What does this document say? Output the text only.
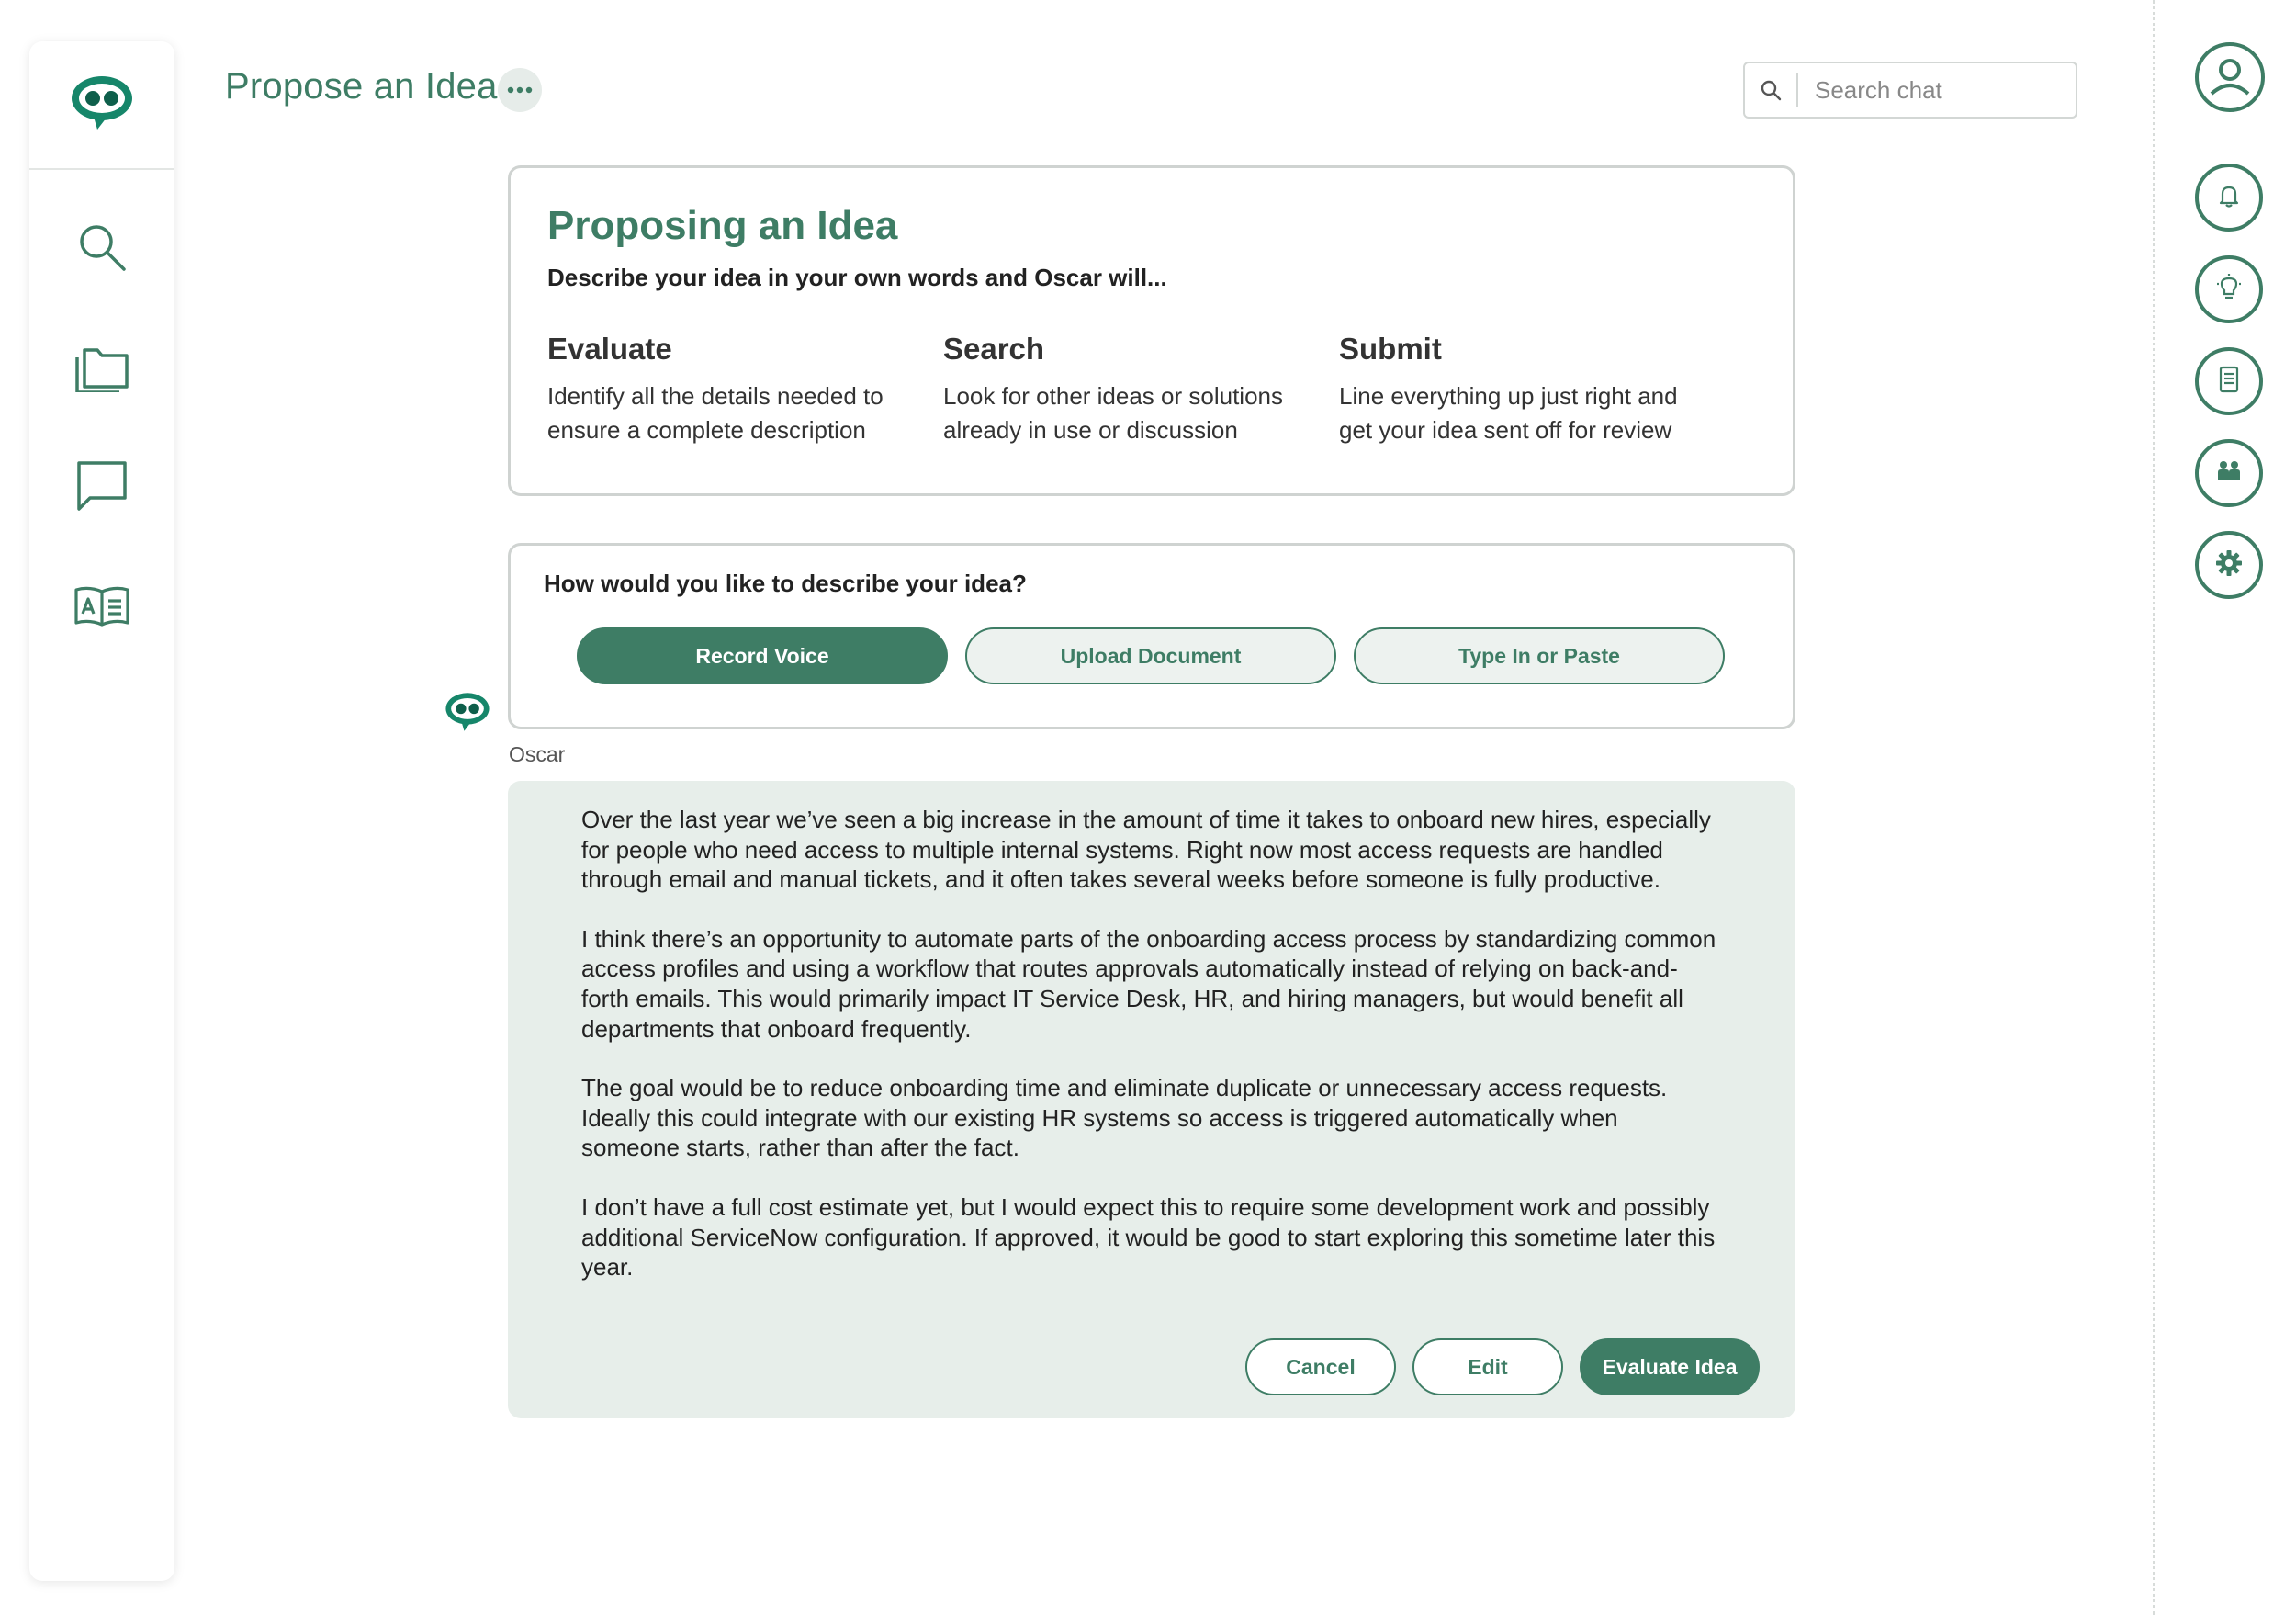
Propose an Idea
Search chat
Proposing an Idea
Describe your idea in your own words and Oscar will...
Evaluate

Identify all the details needed to
ensure a complete description

Search

Look for other ideas or solutions
already in use or discussion

Submit

Line everything up just right and
get your idea sent off for review

How would you like to describe your idea?
Record Voice	Upload Document	Type In or Paste
Oscar

Over the last year we’ve seen a big increase in the amount of time it takes to onboard new hires, especially for people who need access to multiple internal systems. Right now most access requests are handled through email and manual tickets, and it often takes several weeks before someone is fully productive.

I think there’s an opportunity to automate parts of the onboarding access process by standardizing common access profiles and using a workflow that routes approvals automatically instead of relying on back-and-forth emails. This would primarily impact IT Service Desk, HR, and hiring managers, but would benefit all departments that onboard frequently.

The goal would be to reduce onboarding time and eliminate duplicate or unnecessary access requests. Ideally this could integrate with our existing HR systems so access is triggered automatically when someone starts, rather than after the fact.

I don’t have a full cost estimate yet, but I would expect this to require some development work and possibly additional ServiceNow configuration. If approved, it would be good to start exploring this sometime later this year.

Cancel	Edit	Evaluate Idea
